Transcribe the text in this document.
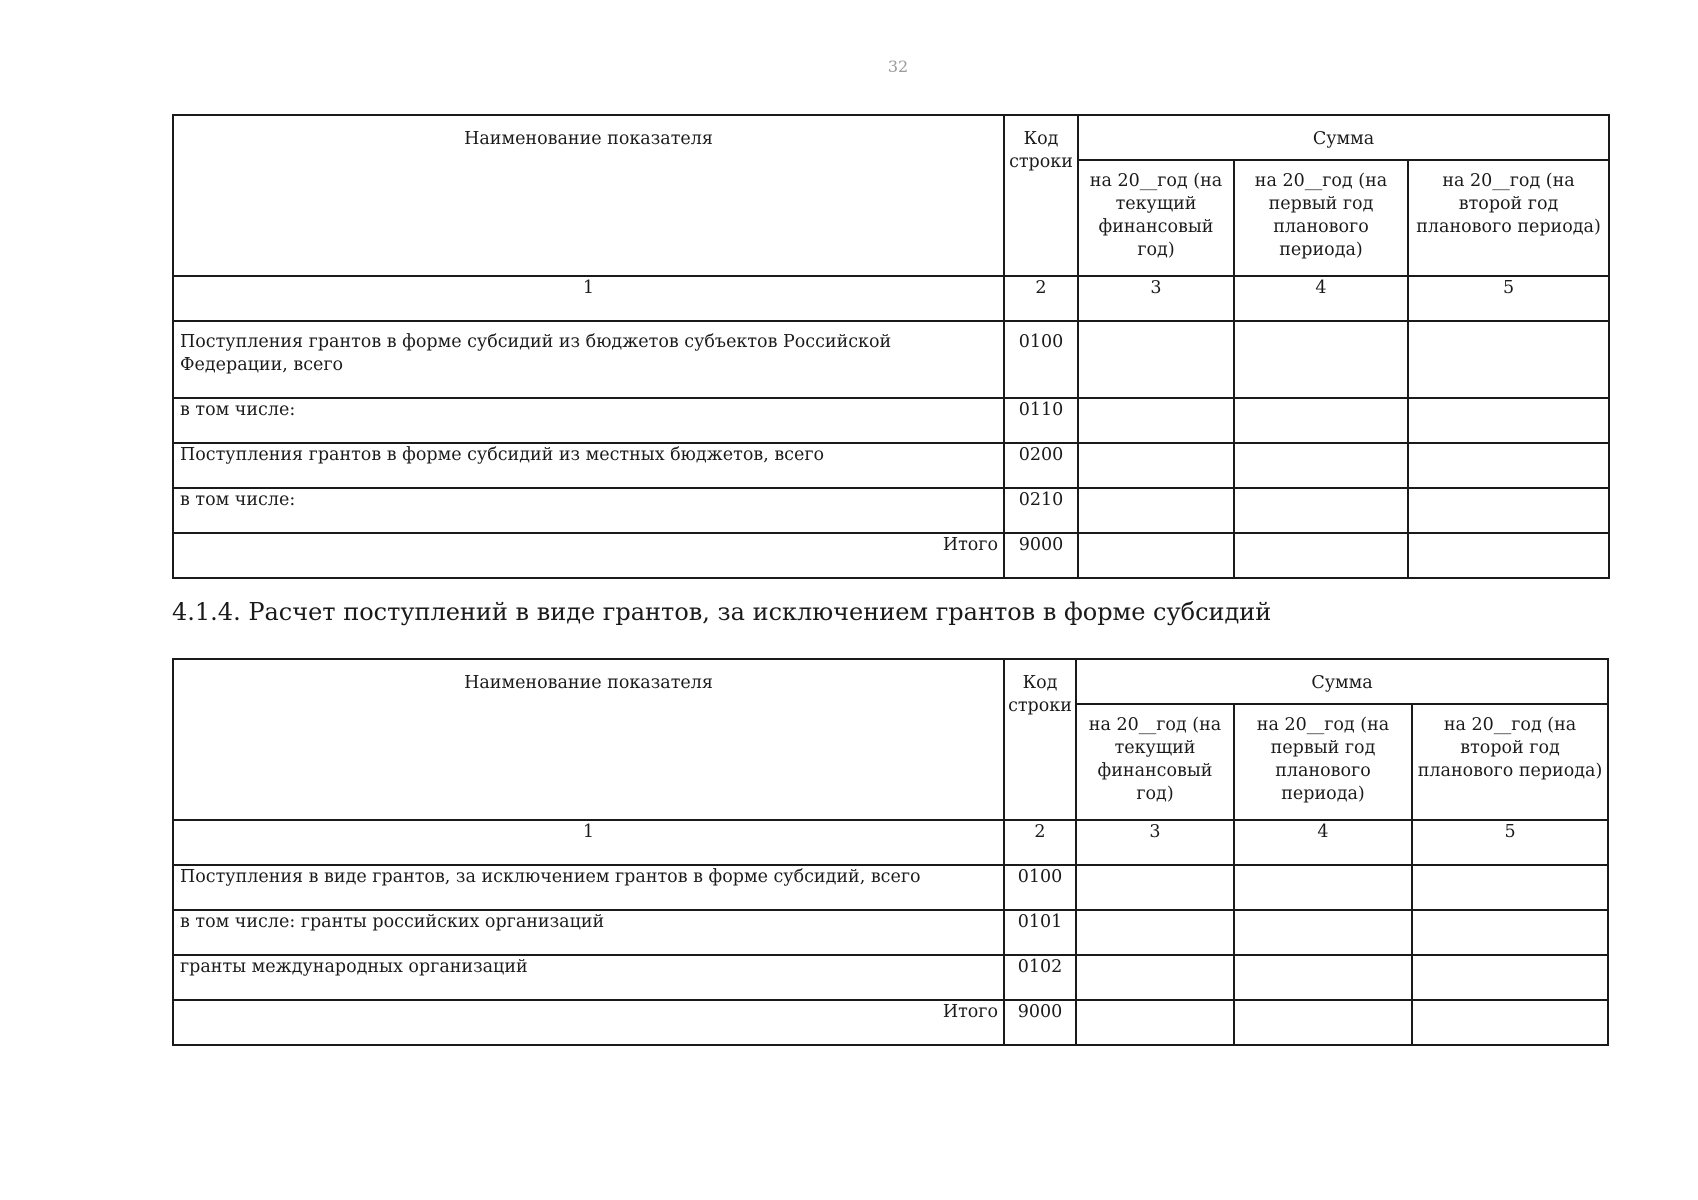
32
Наименование показателя	Код строки	Сумма		
		на 20__год (на текущий финансовый год)	на 20__год (на первый год планового периода)	на 20__год (на второй год планового периода)
1	2	3	4	5
Поступления грантов в форме субсидий из бюджетов субъектов Российской Федерации, всего	0100			
в том числе:	0110			
Поступления грантов в форме субсидий из местных бюджетов, всего	0200			
в том числе:	0210			
Итого	9000			
4.1.4. Расчет поступлений в виде грантов, за исключением грантов в форме субсидий
Наименование показателя	Код строки	Сумма		
		на 20__год (на текущий финансовый год)	на 20__год (на первый год планового периода)	на 20__год (на второй год планового периода)
1	2	3	4	5
Поступления в виде грантов, за исключением грантов в форме субсидий, всего	0100			
в том числе: гранты российских организаций	0101			
гранты международных организаций	0102			
Итого	9000			
